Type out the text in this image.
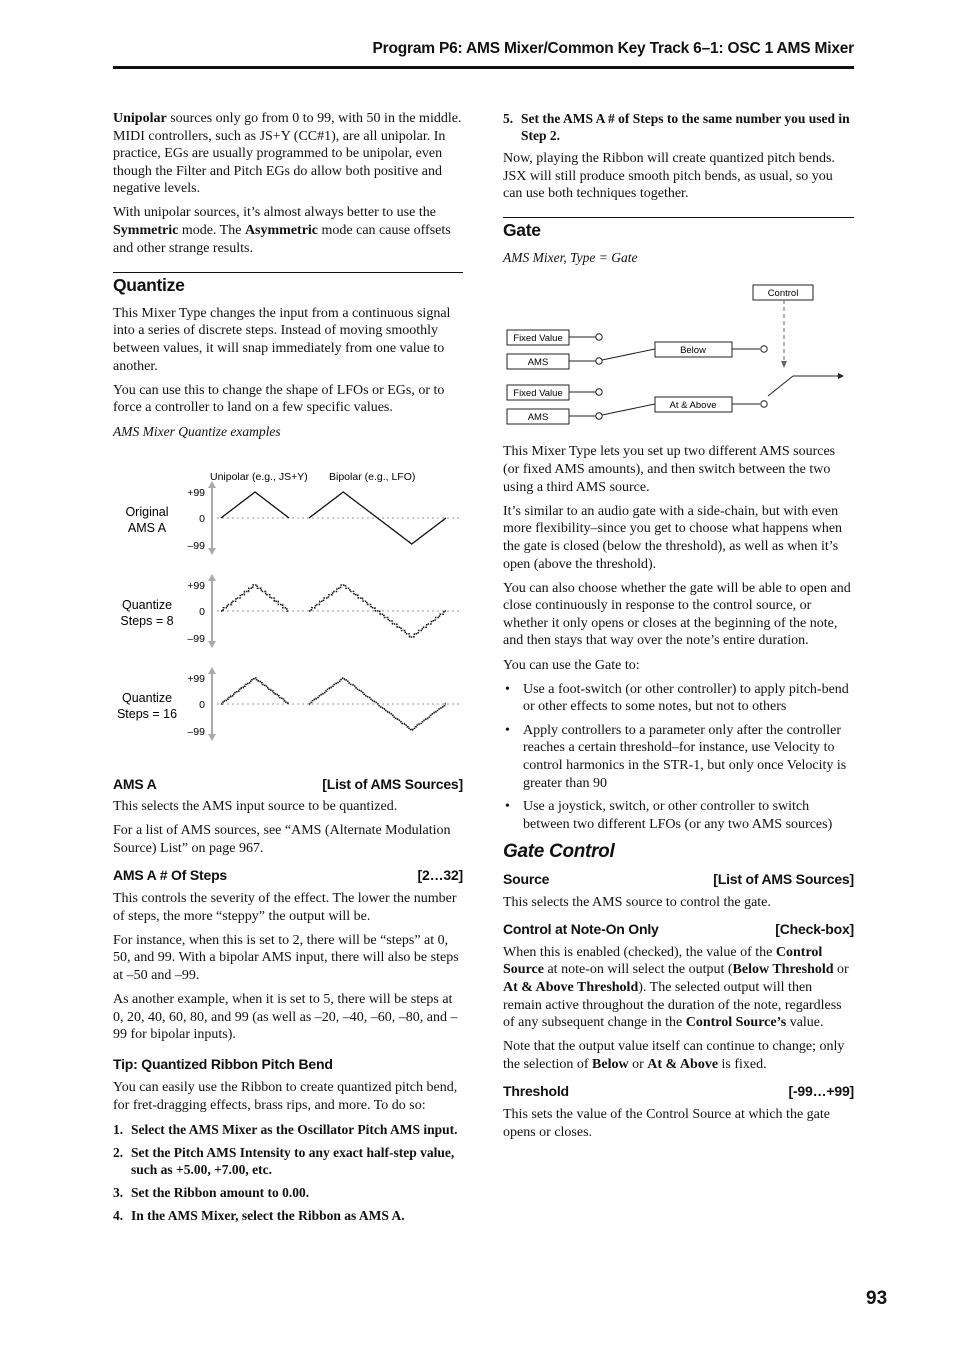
Program P6: AMS Mixer/Common Key Track 6–1: OSC 1 AMS Mixer

Unipolar sources only go from 0 to 99, with 50 in the middle. MIDI controllers, such as JS+Y (CC#1), are all unipolar. In practice, EGs are usually programmed to be unipolar, even though the Filter and Pitch EGs do allow both positive and negative levels.

With unipolar sources, it’s almost always better to use the Symmetric mode. The Asymmetric mode can cause offsets and other strange results.

Quantize

This Mixer Type changes the input from a continuous signal into a series of discrete steps. Instead of moving smoothly between values, it will snap immediately from one value to another.

You can use this to change the shape of LFOs or EGs, or to force a controller to land on a few specific values.

AMS Mixer Quantize examples

Unipolar (e.g., JS+Y) Bipolar (e.g., LFO)
Original
AMS A
+99
0
–99
Quantize
Steps = 8
+99
0
–99
Quantize
Steps = 16
+99
0
–99
AMS A	[List of AMS Sources]

This selects the AMS input source to be quantized.

For a list of AMS sources, see “AMS (Alternate Modulation Source) List” on page 967.

AMS A # Of Steps	[2…32]

This controls the severity of the effect. The lower the number of steps, the more “steppy” the output will be.

For instance, when this is set to 2, there will be “steps” at 0, 50, and 99. With a bipolar AMS input, there will also be steps at –50 and –99.

As another example, when it is set to 5, there will be steps at 0, 20, 40, 60, 80, and 99 (as well as –20, –40, –60, –80, and –99 for bipolar inputs).

Tip: Quantized Ribbon Pitch Bend

You can easily use the Ribbon to create quantized pitch bend, for fret-dragging effects, brass rips, and more. To do so:

1. Select the AMS Mixer as the Oscillator Pitch AMS input.
2. Set the Pitch AMS Intensity to any exact half-step value, such as +5.00, +7.00, etc.
3. Set the Ribbon amount to 0.00.
4. In the AMS Mixer, select the Ribbon as AMS A.
5. Set the AMS A # of Steps to the same number you used in Step 2.

Now, playing the Ribbon will create quantized pitch bends. JSX will still produce smooth pitch bends, as usual, so you can use both techniques together.

Gate

AMS Mixer, Type = Gate

Control
Fixed Value
AMS
Fixed Value
AMS
Below
At & Above

This Mixer Type lets you set up two different AMS sources (or fixed AMS amounts), and then switch between the two using a third AMS source.

It’s similar to an audio gate with a side-chain, but with even more flexibility–since you get to choose what happens when the gate is closed (below the threshold), as well as when it’s open (above the threshold).

You can also choose whether the gate will be able to open and close continuously in response to the control source, or whether it only opens or closes at the beginning of the note, and then stays that way over the note’s entire duration.

You can use the Gate to:

• Use a foot-switch (or other controller) to apply pitch-bend or other effects to some notes, but not to others
• Apply controllers to a parameter only after the controller reaches a certain threshold–for instance, use Velocity to control harmonics in the STR-1, but only once Velocity is greater than 90
• Use a joystick, switch, or other controller to switch between two different LFOs (or any two AMS sources)
Gate Control
Source	[List of AMS Sources]

This selects the AMS source to control the gate.

Control at Note-On Only	[Check-box]

When this is enabled (checked), the value of the Control Source at note-on will select the output (Below Threshold or At & Above Threshold). The selected output will then remain active throughout the duration of the note, regardless of any subsequent change in the Control Source’s value.

Note that the output value itself can continue to change; only the selection of Below or At & Above is fixed.

Threshold	[-99…+99]

This sets the value of the Control Source at which the gate opens or closes.

93
